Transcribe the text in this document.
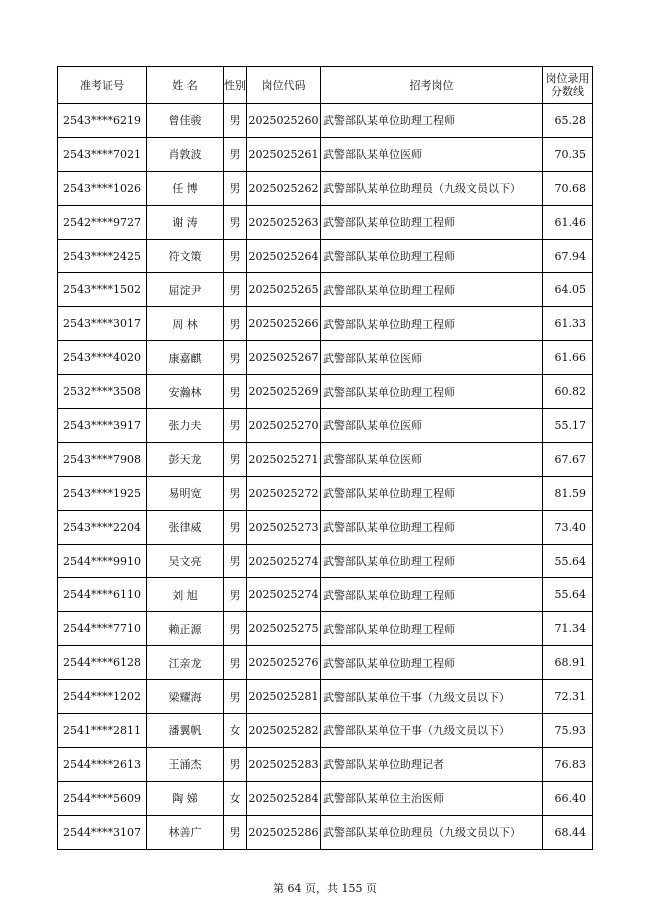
准考证号	姓 名	性别	岗位代码	招考岗位	岗位录用分数线
2543****6219	曾佳骏	男	2025025260	武警部队某单位助理工程师	65.28
2543****7021	肖敦波	男	2025025261	武警部队某单位医师	70.35
2543****1026	任 博	男	2025025262	武警部队某单位助理员（九级文员以下）	70.68
2542****9727	谢 涛	男	2025025263	武警部队某单位助理工程师	61.46
2543****2425	符文策	男	2025025264	武警部队某单位助理工程师	67.94
2543****1502	屈淀尹	男	2025025265	武警部队某单位助理工程师	64.05
2543****3017	周 林	男	2025025266	武警部队某单位助理工程师	61.33
2543****4020	康嘉麒	男	2025025267	武警部队某单位医师	61.66
2532****3508	安瀚林	男	2025025269	武警部队某单位助理工程师	60.82
2543****3917	张力夫	男	2025025270	武警部队某单位医师	55.17
2543****7908	彭天龙	男	2025025271	武警部队某单位医师	67.67
2543****1925	易明宽	男	2025025272	武警部队某单位助理工程师	81.59
2543****2204	张律威	男	2025025273	武警部队某单位助理工程师	73.40
2544****9910	吴文亮	男	2025025274	武警部队某单位助理工程师	55.64
2544****6110	刘 旭	男	2025025274	武警部队某单位助理工程师	55.64
2544****7710	赖正源	男	2025025275	武警部队某单位助理工程师	71.34
2544****6128	江亲龙	男	2025025276	武警部队某单位助理工程师	68.91
2544****1202	梁耀海	男	2025025281	武警部队某单位干事（九级文员以下）	72.31
2541****2811	潘翼帆	女	2025025282	武警部队某单位干事（九级文员以下）	75.93
2544****2613	王涌杰	男	2025025283	武警部队某单位助理记者	76.83
2544****5609	陶 娣	女	2025025284	武警部队某单位主治医师	66.40
2544****3107	林善广	男	2025025286	武警部队某单位助理员（九级文员以下）	68.44
第 64 页，共 155 页
